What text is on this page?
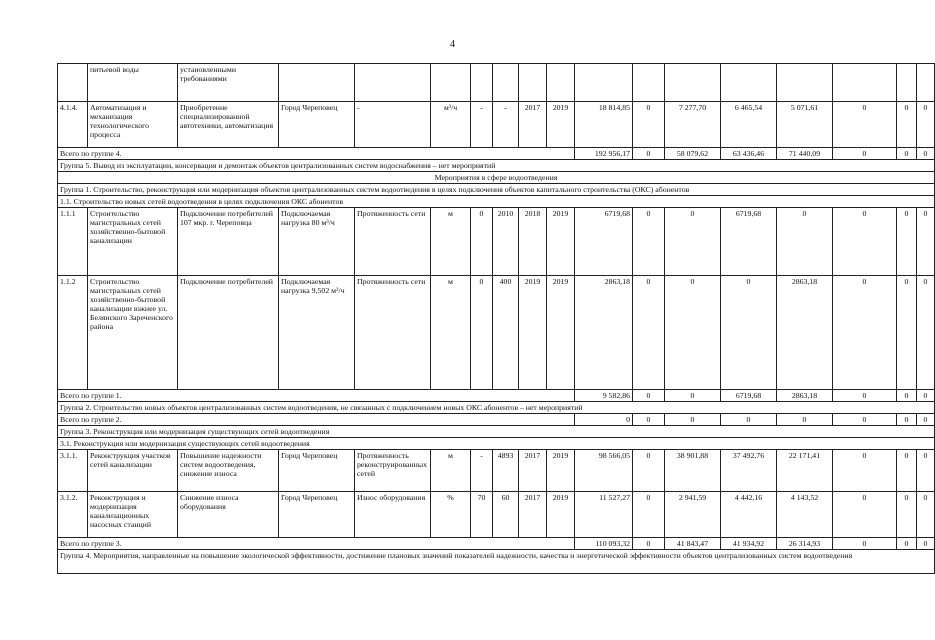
4
	питьевой воды	установленными требованиями															
4.1.4.	Автоматизация и механизация технологического процесса	Приобретение специализированной автотехники, автоматизация	Город Череповец	-	м³/ч	-	-	2017	2019	18 814,85	0	7 277,70	6 465,54	5 071,61	0	0	0
Всего по группе 4.										192 956,17	0	58 079,62	63 436,46	71 440,09	0	0	0
Группа 5. Вывод из эксплуатации, консервация и демонтаж объектов централизованных систем водоснабжения – нет мероприятий																	
Мероприятия в сфере водоотведения																	
Группа 1. Строительство, реконструкция или модернизация объектов централизованных систем водоотведения в целях подключения объектов капитального строительства (ОКС) абонентов																	
1.1. Строительство новых сетей водоотведения в целях подключения ОКС абонентов																	
1.1.1	Строительство магистральных сетей хозяйственно-бытовой канализации	Подключение потребителей 107 мкр. г. Череповца	Подключаемая нагрузка 80 м³/ч	Протяженность сети	м	0	2010	2018	2019	6719,68	0	0	6719,68	0	0	0	0
1.1.2	Строительство магистральных сетей хозяйственно-бытовой канализации южнее ул. Белянского Зареченского района	Подключение потребителей	Подключаемая нагрузка 9,502 м³/ч	Протяженность сети	м	0	400	2019	2019	2863,18	0	0	0	2863,18	0	0	0
Всего по группе 1.										9 582,86	0	0	6719,68	2863,18	0	0	0
Группа 2. Строительство новых объектов централизованных систем водоотведения, не связанных с подключением новых ОКС абонентов – нет мероприятий																	
Всего по группе 2.										0	0	0	0	0	0	0	0
Группа 3. Реконструкция или модернизация существующих сетей водоотведения																	
3.1. Реконструкция или модернизация существующих сетей водоотведения																	
3.1.1.	Реконструкция участков сетей канализации	Повышение надежности систем водоотведения, снижение износа	Город Череповец	Протяженность реконструированных сетей	м	-	4893	2017	2019	98 566,05	0	38 901,88	37 492,76	22 171,41	0	0	0
3.1.2.	Реконструкция и модернизация канализационных насосных станций	Снижение износа оборудования	Город Череповец	Износ оборудования	%	70	60	2017	2019	11 527,27	0	2 941,59	4 442,16	4 143,52	0	0	0
Всего по группе 3.										110 093,32	0	41 843,47	41 934,92	26 314,93	0	0	0
Группа 4. Мероприятия, направленные на повышение экологической эффективности, достижение плановых значений показателей надежности, качества и энергетической эффективности объектов централизованных систем водоотведения																	
